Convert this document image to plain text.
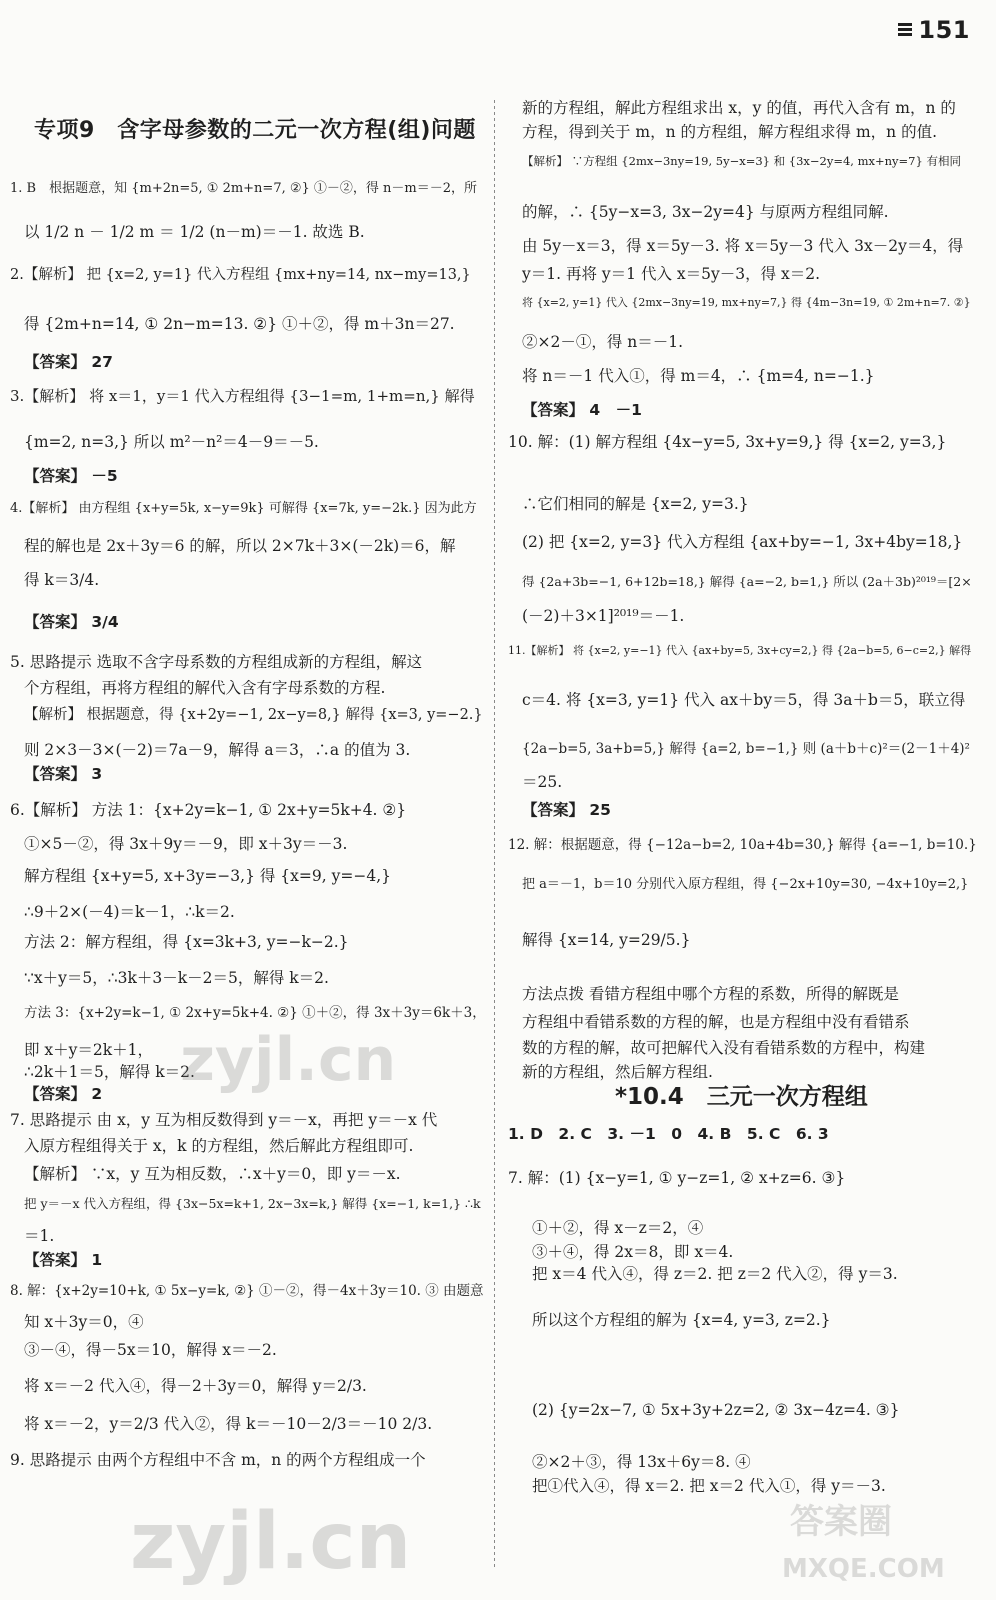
151
专项9　含字母参数的二元一次方程(组)问题
1. B　根据题意，知 {m+2n=5, ① 2m+n=7, ②} ①－②，得 n－m＝－2，所
以 1/2 n － 1/2 m ＝ 1/2 (n－m)＝－1. 故选 B.
2.【解析】 把 {x=2, y=1} 代入方程组 {mx+ny=14, nx−my=13,}
得 {2m+n=14, ① 2n−m=13. ②} ①＋②，得 m＋3n＝27.
【答案】 27
3.【解析】 将 x＝1，y＝1 代入方程组得 {3−1=m, 1+m=n,} 解得
{m=2, n=3,} 所以 m²－n²＝4－9＝－5.
【答案】 －5
4.【解析】 由方程组 {x+y=5k, x−y=9k} 可解得 {x=7k, y=−2k.} 因为此方
程的解也是 2x＋3y＝6 的解，所以 2×7k＋3×(－2k)＝6，解
得 k＝3/4.
【答案】 3/4
5. 思路提示 选取不含字母系数的方程组成新的方程组，解这
个方程组，再将方程组的解代入含有字母系数的方程.
【解析】 根据题意，得 {x+2y=−1, 2x−y=8,} 解得 {x=3, y=−2.}
则 2×3－3×(－2)＝7a－9，解得 a＝3，∴a 的值为 3.
【答案】 3
6.【解析】 方法 1：{x+2y=k−1, ① 2x+y=5k+4. ②}
①×5－②，得 3x＋9y＝－9，即 x＋3y＝－3.
解方程组 {x+y=5, x+3y=−3,} 得 {x=9, y=−4,}
∴9＋2×(－4)＝k－1，∴k＝2.
方法 2：解方程组，得 {x=3k+3, y=−k−2.}
∵x＋y＝5，∴3k＋3－k－2＝5，解得 k＝2.
方法 3：{x+2y=k−1, ① 2x+y=5k+4. ②} ①＋②，得 3x＋3y＝6k＋3，
即 x＋y＝2k＋1，
∴2k＋1＝5，解得 k＝2.
【答案】 2
7. 思路提示 由 x，y 互为相反数得到 y＝－x，再把 y＝－x 代
入原方程组得关于 x，k 的方程组，然后解此方程组即可.
【解析】 ∵x，y 互为相反数，∴x＋y＝0，即 y＝－x.
把 y＝－x 代入方程组，得 {3x−5x=k+1, 2x−3x=k,} 解得 {x=−1, k=1,} ∴k
＝1.
【答案】 1
8. 解：{x+2y=10+k, ① 5x−y=k, ②} ①－②，得－4x＋3y＝10. ③ 由题意
知 x＋3y＝0，④
③－④，得－5x＝10，解得 x＝－2.
将 x＝－2 代入④，得－2＋3y＝0，解得 y＝2/3.
将 x＝－2，y＝2/3 代入②，得 k＝－10－2/3＝－10 2/3.
9. 思路提示 由两个方程组中不含 m，n 的两个方程组成一个
新的方程组，解此方程组求出 x，y 的值，再代入含有 m，n 的
方程，得到关于 m，n 的方程组，解方程组求得 m，n 的值.
【解析】 ∵方程组 {2mx−3ny=19, 5y−x=3} 和 {3x−2y=4, mx+ny=7} 有相同
的解，∴ {5y−x=3, 3x−2y=4} 与原两方程组同解.
由 5y－x＝3，得 x＝5y－3. 将 x＝5y－3 代入 3x－2y＝4，得
y＝1. 再将 y＝1 代入 x＝5y－3，得 x＝2.
将 {x=2, y=1} 代入 {2mx−3ny=19, mx+ny=7,} 得 {4m−3n=19, ① 2m+n=7. ②}
②×2－①，得 n＝－1.
将 n＝－1 代入①，得 m＝4，∴ {m=4, n=−1.}
【答案】 4　－1
10. 解：(1) 解方程组 {4x−y=5, 3x+y=9,} 得 {x=2, y=3,}
∴它们相同的解是 {x=2, y=3.}
(2) 把 {x=2, y=3} 代入方程组 {ax+by=−1, 3x+4by=18,}
得 {2a+3b=−1, 6+12b=18,} 解得 {a=−2, b=1,} 所以 (2a＋3b)²⁰¹⁹＝[2×
(－2)＋3×1]²⁰¹⁹＝－1.
11.【解析】 将 {x=2, y=−1} 代入 {ax+by=5, 3x+cy=2,} 得 {2a−b=5, 6−c=2,} 解得
c＝4. 将 {x=3, y=1} 代入 ax＋by＝5，得 3a＋b＝5，联立得
{2a−b=5, 3a+b=5,} 解得 {a=2, b=−1,} 则 (a＋b＋c)²＝(2－1＋4)²
＝25.
【答案】 25
12. 解：根据题意，得 {−12a−b=2, 10a+4b=30,} 解得 {a=−1, b=10.}
把 a＝－1，b＝10 分别代入原方程组，得 {−2x+10y=30, −4x+10y=2,}
解得 {x=14, y=29/5.}
方法点拨 看错方程组中哪个方程的系数，所得的解既是
方程组中看错系数的方程的解，也是方程组中没有看错系
数的方程的解，故可把解代入没有看错系数的方程中，构建
新的方程组，然后解方程组.
1. D　2. C　3. －1　0　4. B　5. C　6. 3
7. 解：(1) {x−y=1, ① y−z=1, ② x+z=6. ③}
①＋②，得 x－z＝2，④
③＋④，得 2x＝8，即 x＝4.
把 x＝4 代入④，得 z＝2. 把 z＝2 代入②，得 y＝3.
所以这个方程组的解为 {x=4, y=3, z=2.}
(2) {y=2x−7, ① 5x+3y+2z=2, ② 3x−4z=4. ③}
②×2＋③，得 13x＋6y＝8. ④
把①代入④，得 x＝2. 把 x＝2 代入①，得 y＝－3.
*10.4　三元一次方程组
zyjl.cn
zyjl.cn	答案圈
MXQE.COM
